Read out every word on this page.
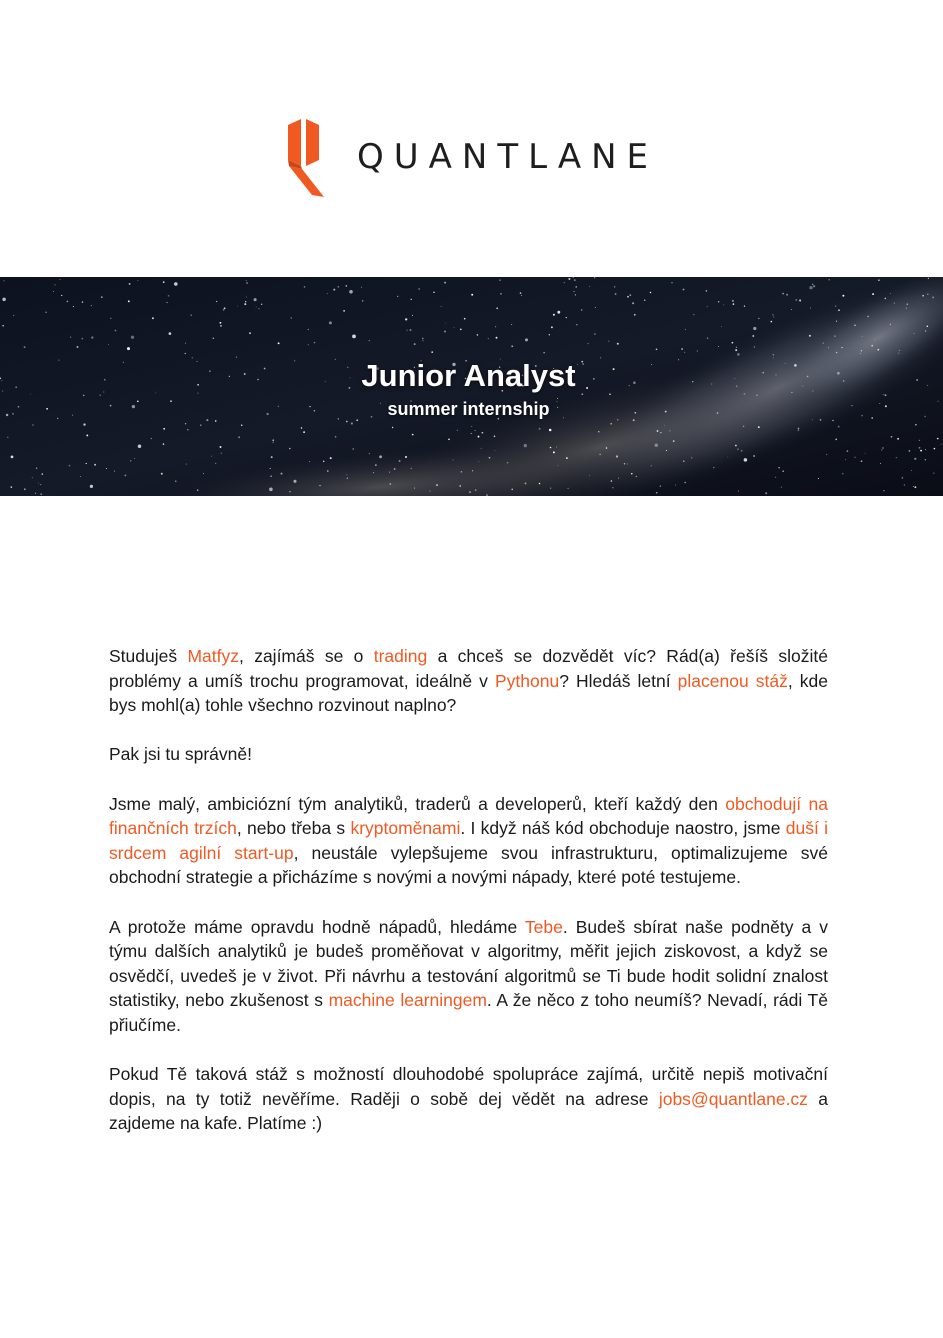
QUANTLANE
Junior Analyst
summer internship

Studuješ Matfyz, zajímáš se o trading a chceš se dozvědět víc? Rád(a) řešíš složité problémy a umíš trochu programovat, ideálně v Pythonu? Hledáš letní placenou stáž, kde bys mohl(a) tohle všechno rozvinout naplno?

Pak jsi tu správně!

Jsme malý, ambiciózní tým analytiků, traderů a developerů, kteří každý den obchodují na finančních trzích, nebo třeba s kryptoměnami. I když náš kód obchoduje naostro, jsme duší i srdcem agilní start-up, neustále vylepšujeme svou infrastrukturu, optimalizujeme své obchodní strategie a přicházíme s novými a novými nápady, které poté testujeme.

A protože máme opravdu hodně nápadů, hledáme Tebe. Budeš sbírat naše podněty a v týmu dalších analytiků je budeš proměňovat v algoritmy, měřit jejich ziskovost, a když se osvědčí, uvedeš je v život. Při návrhu a testování algoritmů se Ti bude hodit solidní znalost statistiky, nebo zkušenost s machine learningem. A že něco z toho neumíš? Nevadí, rádi Tě přiučíme.

Pokud Tě taková stáž s možností dlouhodobé spolupráce zajímá, určitě nepiš motivační dopis, na ty totiž nevěříme. Raději o sobě dej vědět na adrese jobs@quantlane.cz a zajdeme na kafe. Platíme :)
